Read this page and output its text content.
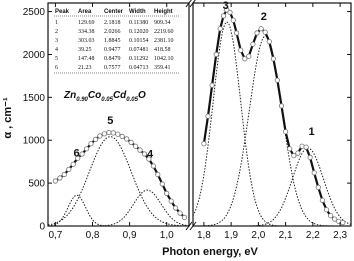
0
500
1000
1500
2000
2500
0,7 0,8 0,9 1,0 1,8 1,9 2,0 2,1 2,2 2,3
Photon energy, eV
α , cm⁻¹
Peak Area Center Width Height
1	129.69 2.1818 0.11380 909.34
2	334.38 2.0266 0.12020 2219.60
3	303.03 1.8845 0.10154 2381.10
4	39.25 0.9477 0.07481 418.58
5	147.48 0.8479 0.11292 1042.10
6	21.23 0.7577 0.04713 359.41
$Zn_{0.90}Co_{0.05}Cd_{0.05}O$
1
2
3
4
5
6
